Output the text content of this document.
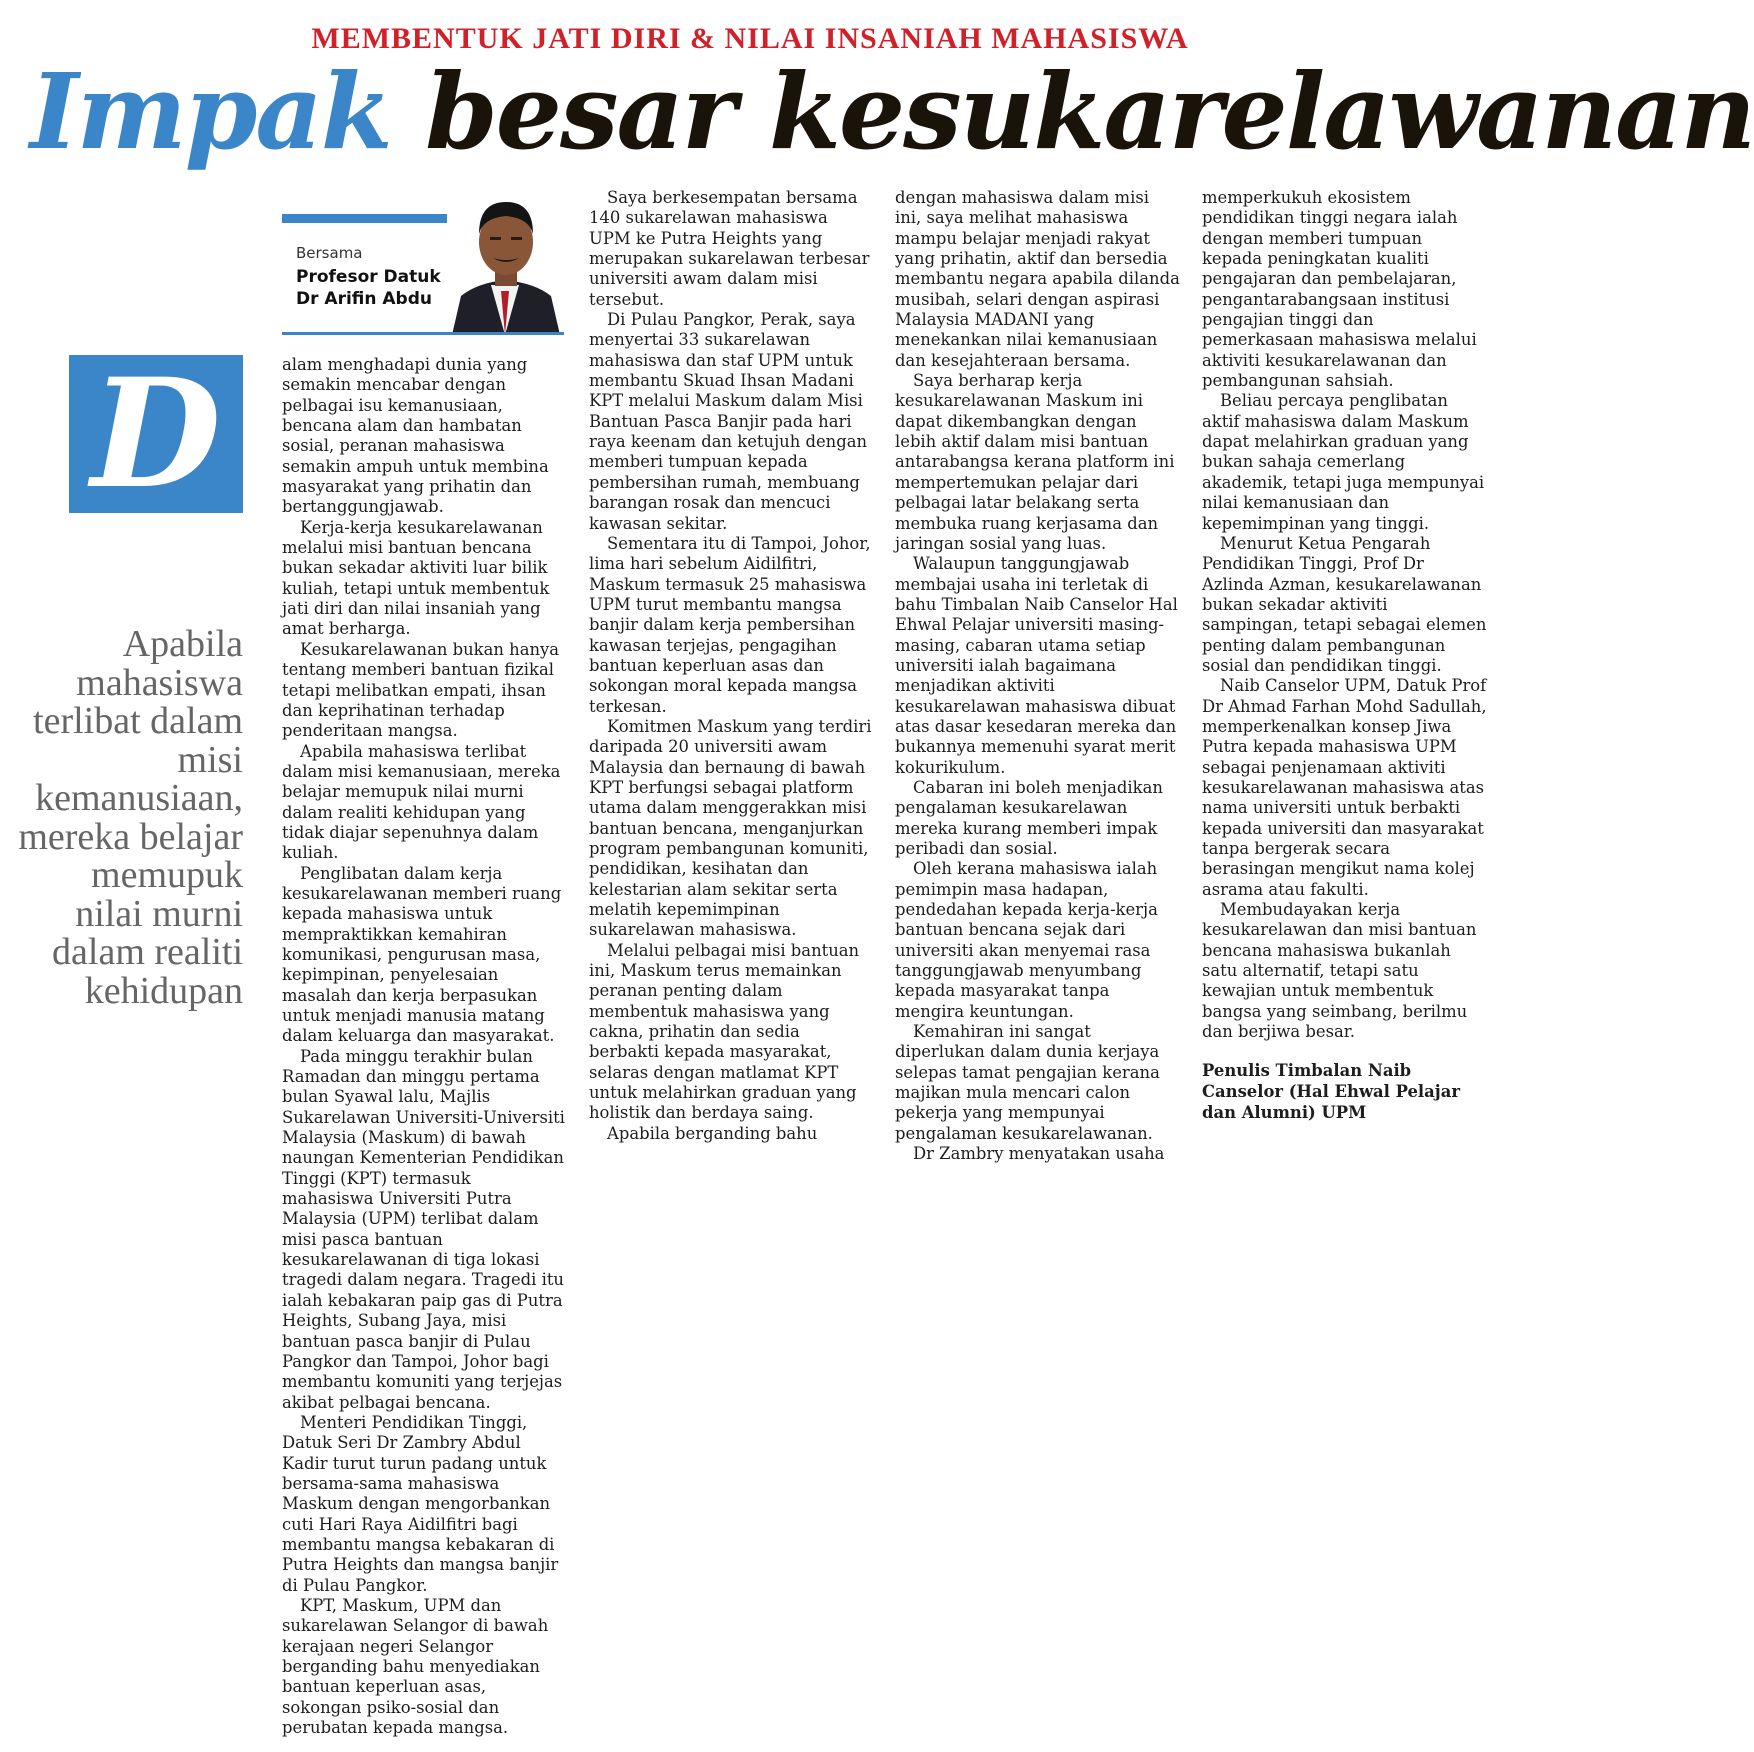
MEMBENTUK JATI DIRI & NILAI INSANIAH MAHASISWA
Impak besar kesukarelawanan
Bersama
Profesor Datuk Dr Arifin Abdu
D
Apabila mahasiswa terlibat dalam misi kemanusiaan, mereka belajar memupuk nilai murni dalam realiti kehidupan

alam menghadapi dunia yang semakin mencabar dengan pelbagai isu kemanusiaan, bencana alam dan hambatan sosial, peranan mahasiswa semakin ampuh untuk membina masyarakat yang prihatin dan bertanggungjawab.

Kerja-kerja kesukarelawanan melalui misi bantuan bencana bukan sekadar aktiviti luar bilik kuliah, tetapi untuk membentuk jati diri dan nilai insaniah yang amat berharga.

Kesukarelawanan bukan hanya tentang memberi bantuan fizikal tetapi melibatkan empati, ihsan dan keprihatinan terhadap penderitaan mangsa.

Apabila mahasiswa terlibat dalam misi kemanusiaan, mereka belajar memupuk nilai murni dalam realiti kehidupan yang tidak diajar sepenuhnya dalam kuliah.

Penglibatan dalam kerja kesukarelawanan memberi ruang kepada mahasiswa untuk mempraktikkan kemahiran komunikasi, pengurusan masa, kepimpinan, penyelesaian masalah dan kerja berpasukan untuk menjadi manusia matang dalam keluarga dan masyarakat.

Pada minggu terakhir bulan Ramadan dan minggu pertama bulan Syawal lalu, Majlis Sukarelawan Universiti-Universiti Malaysia (Maskum) di bawah naungan Kementerian Pendidikan Tinggi (KPT) termasuk mahasiswa Universiti Putra Malaysia (UPM) terlibat dalam misi pasca bantuan kesukarelawanan di tiga lokasi tragedi dalam negara. Tragedi itu ialah kebakaran paip gas di Putra Heights, Subang Jaya, misi bantuan pasca banjir di Pulau Pangkor dan Tampoi, Johor bagi membantu komuniti yang terjejas akibat pelbagai bencana.

Menteri Pendidikan Tinggi, Datuk Seri Dr Zambry Abdul Kadir turut turun padang untuk bersama-sama mahasiswa Maskum dengan mengorbankan cuti Hari Raya Aidilfitri bagi membantu mangsa kebakaran di Putra Heights dan mangsa banjir di Pulau Pangkor.

KPT, Maskum, UPM dan sukarelawan Selangor di bawah kerajaan negeri Selangor berganding bahu menyediakan bantuan keperluan asas, sokongan psiko-sosial dan perubatan kepada mangsa.

Saya berkesempatan bersama 140 sukarelawan mahasiswa UPM ke Putra Heights yang merupakan sukarelawan terbesar universiti awam dalam misi tersebut.

Di Pulau Pangkor, Perak, saya menyertai 33 sukarelawan mahasiswa dan staf UPM untuk membantu Skuad Ihsan Madani KPT melalui Maskum dalam Misi Bantuan Pasca Banjir pada hari raya keenam dan ketujuh dengan memberi tumpuan kepada pembersihan rumah, membuang barangan rosak dan mencuci kawasan sekitar.

Sementara itu di Tampoi, Johor, lima hari sebelum Aidilfitri, Maskum termasuk 25 mahasiswa UPM turut membantu mangsa banjir dalam kerja pembersihan kawasan terjejas, pengagihan bantuan keperluan asas dan sokongan moral kepada mangsa terkesan.

Komitmen Maskum yang terdiri daripada 20 universiti awam Malaysia dan bernaung di bawah KPT berfungsi sebagai platform utama dalam menggerakkan misi bantuan bencana, menganjurkan program pembangunan komuniti, pendidikan, kesihatan dan kelestarian alam sekitar serta melatih kepemimpinan sukarelawan mahasiswa.

Melalui pelbagai misi bantuan ini, Maskum terus memainkan peranan penting dalam membentuk mahasiswa yang cakna, prihatin dan sedia berbakti kepada masyarakat, selaras dengan matlamat KPT untuk melahirkan graduan yang holistik dan berdaya saing.

Apabila berganding bahu

dengan mahasiswa dalam misi ini, saya melihat mahasiswa mampu belajar menjadi rakyat yang prihatin, aktif dan bersedia membantu negara apabila dilanda musibah, selari dengan aspirasi Malaysia MADANI yang menekankan nilai kemanusiaan dan kesejahteraan bersama.

Saya berharap kerja kesukarelawanan Maskum ini dapat dikembangkan dengan lebih aktif dalam misi bantuan antarabangsa kerana platform ini mempertemukan pelajar dari pelbagai latar belakang serta membuka ruang kerjasama dan jaringan sosial yang luas.

Walaupun tanggungjawab membajai usaha ini terletak di bahu Timbalan Naib Canselor Hal Ehwal Pelajar universiti masing-masing, cabaran utama setiap universiti ialah bagaimana menjadikan aktiviti kesukarelawan mahasiswa dibuat atas dasar kesedaran mereka dan bukannya memenuhi syarat merit kokurikulum.

Cabaran ini boleh menjadikan pengalaman kesukarelawan mereka kurang memberi impak peribadi dan sosial.

Oleh kerana mahasiswa ialah pemimpin masa hadapan, pendedahan kepada kerja-kerja bantuan bencana sejak dari universiti akan menyemai rasa tanggungjawab menyumbang kepada masyarakat tanpa mengira keuntungan.

Kemahiran ini sangat diperlukan dalam dunia kerjaya selepas tamat pengajian kerana majikan mula mencari calon pekerja yang mempunyai pengalaman kesukarelawanan.

Dr Zambry menyatakan usaha

memperkukuh ekosistem pendidikan tinggi negara ialah dengan memberi tumpuan kepada peningkatan kualiti pengajaran dan pembelajaran, pengantarabangsaan institusi pengajian tinggi dan pemerkasaan mahasiswa melalui aktiviti kesukarelawanan dan pembangunan sahsiah.

Beliau percaya penglibatan aktif mahasiswa dalam Maskum dapat melahirkan graduan yang bukan sahaja cemerlang akademik, tetapi juga mempunyai nilai kemanusiaan dan kepemimpinan yang tinggi.

Menurut Ketua Pengarah Pendidikan Tinggi, Prof Dr Azlinda Azman, kesukarelawanan bukan sekadar aktiviti sampingan, tetapi sebagai elemen penting dalam pembangunan sosial dan pendidikan tinggi.

Naib Canselor UPM, Datuk Prof Dr Ahmad Farhan Mohd Sadullah, memperkenalkan konsep Jiwa Putra kepada mahasiswa UPM sebagai penjenamaan aktiviti kesukarelawanan mahasiswa atas nama universiti untuk berbakti kepada universiti dan masyarakat tanpa bergerak secara berasingan mengikut nama kolej asrama atau fakulti.

Membudayakan kerja kesukarelawan dan misi bantuan bencana mahasiswa bukanlah satu alternatif, tetapi satu kewajian untuk membentuk bangsa yang seimbang, berilmu dan berjiwa besar.

Penulis Timbalan Naib Canselor (Hal Ehwal Pelajar dan Alumni) UPM
